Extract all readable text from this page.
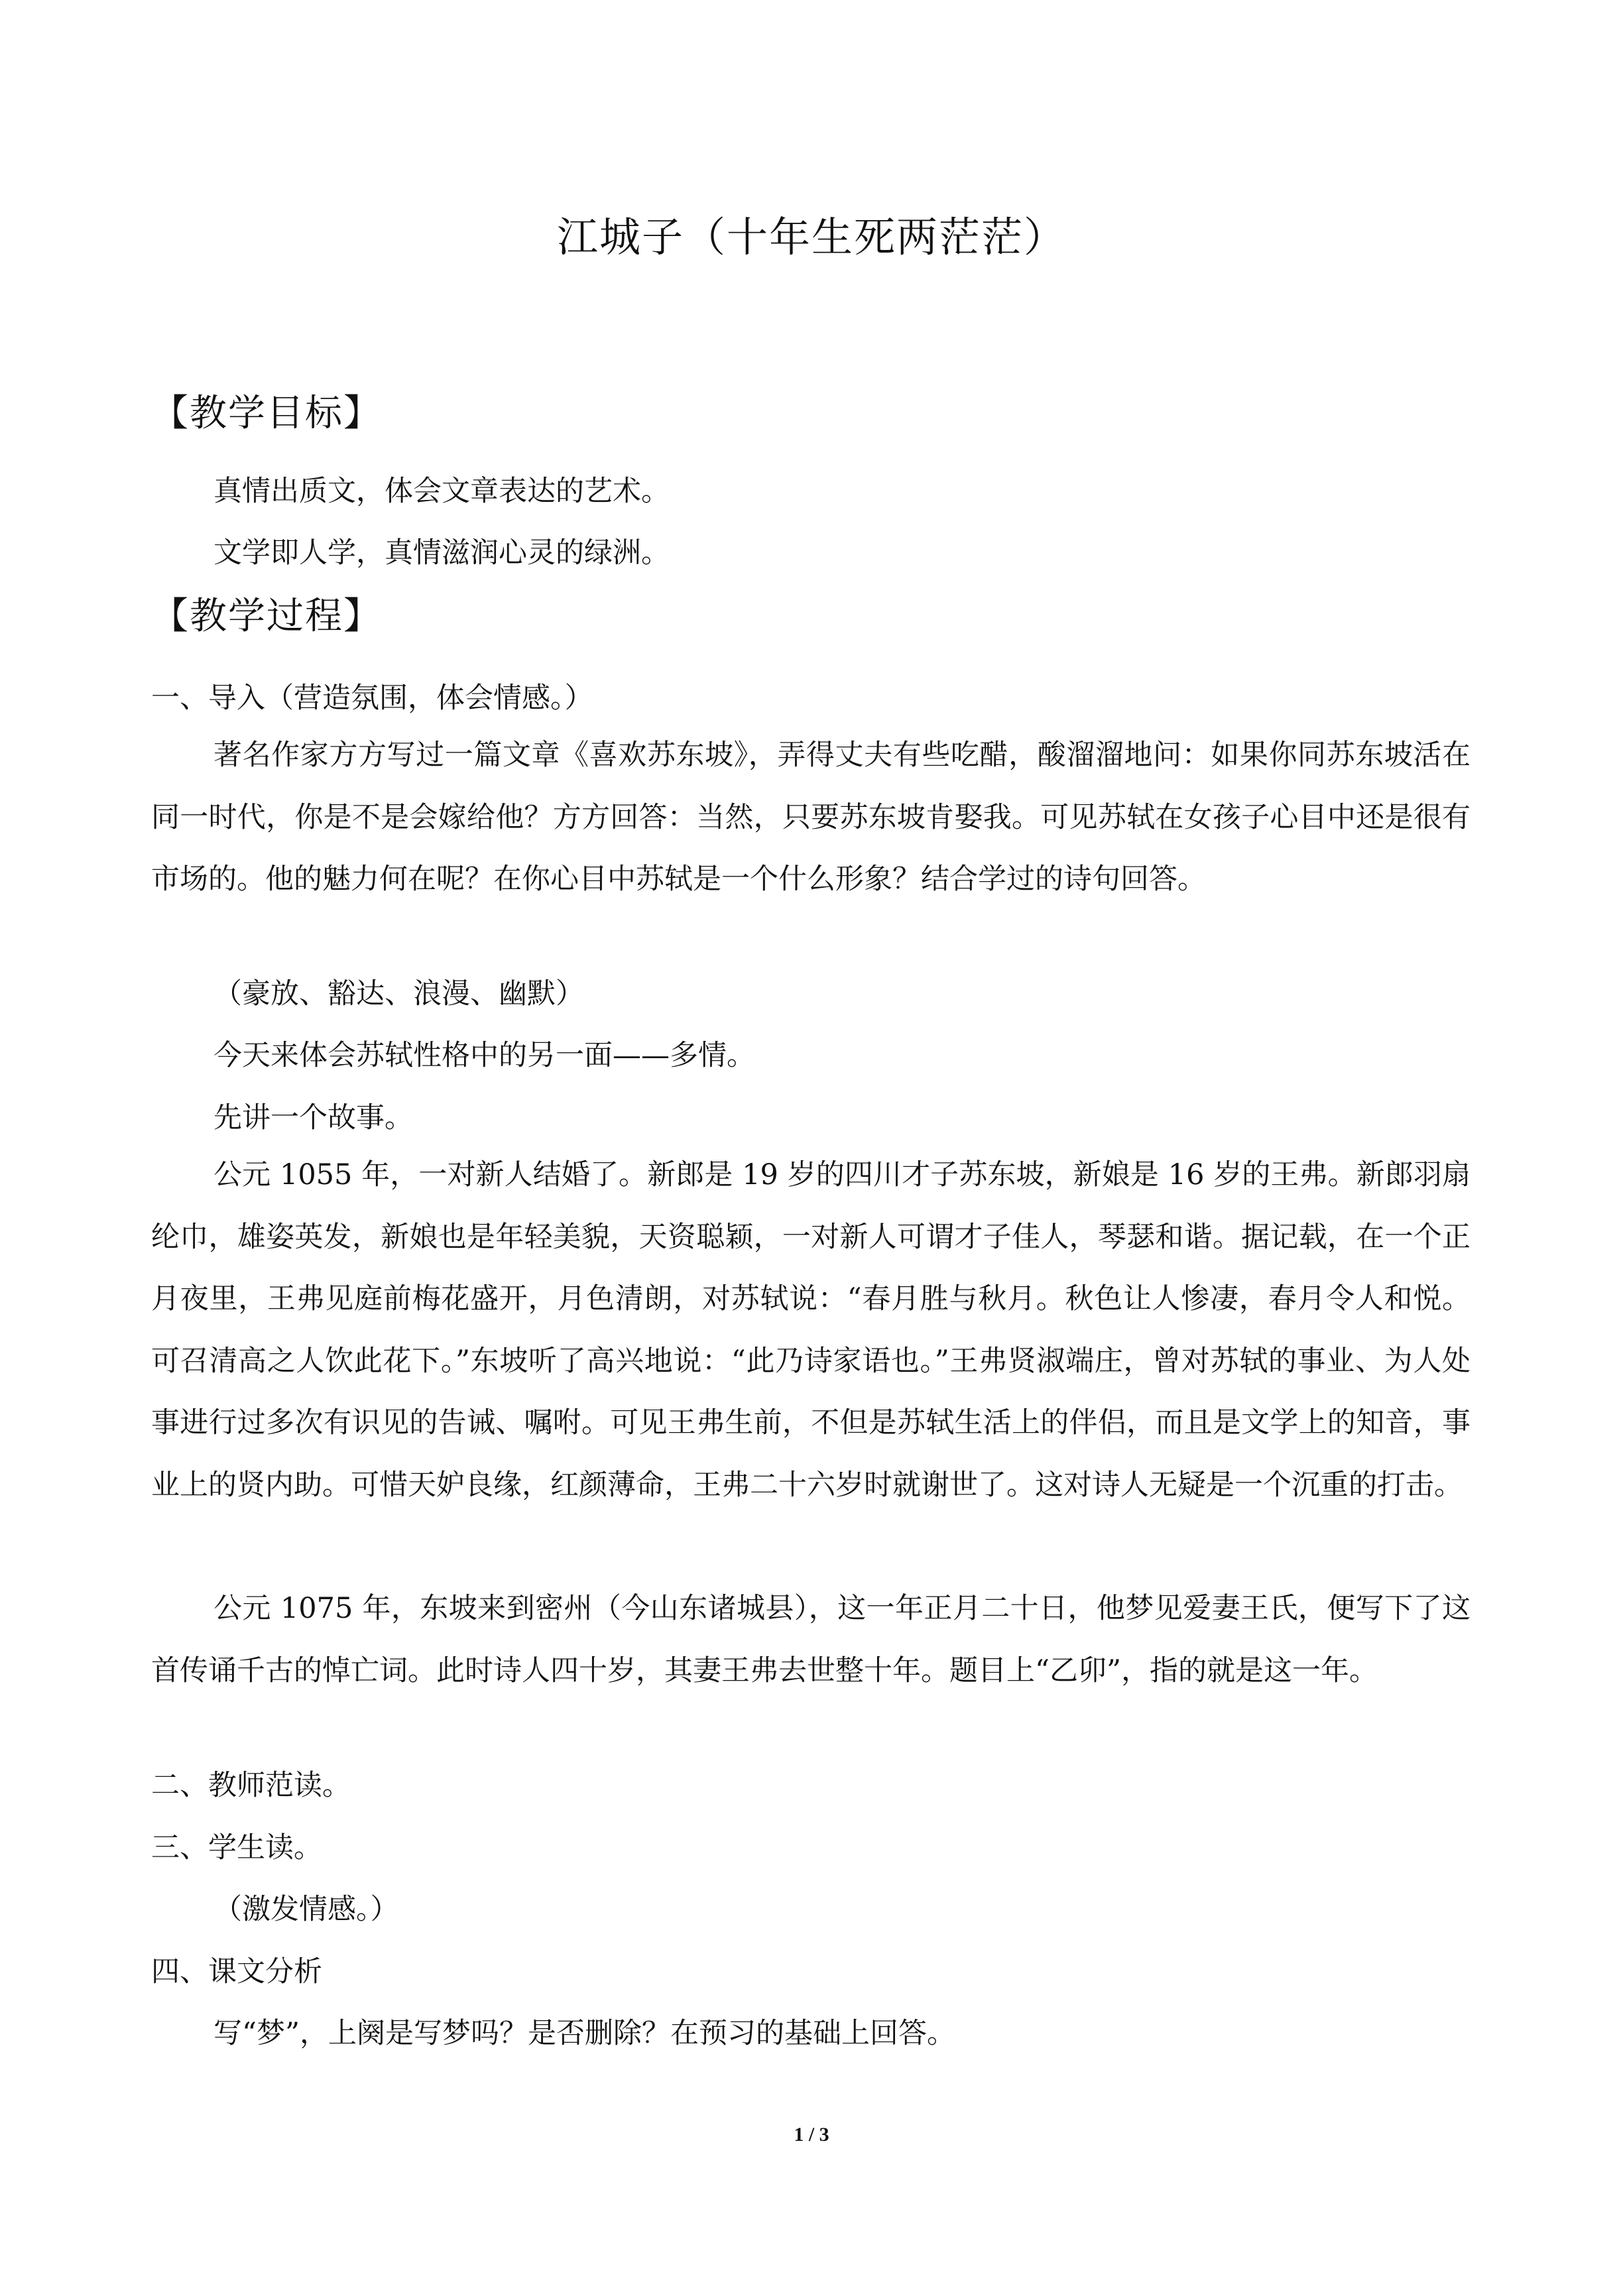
江城子（十年生死两茫茫）
【教学目标】
真情出质文，体会文章表达的艺术。
文学即人学，真情滋润心灵的绿洲。
【教学过程】
一、导入（营造氛围，体会情感。）
著名作家方方写过一篇文章《喜欢苏东坡》，弄得丈夫有些吃醋，酸溜溜地问：如果你同苏东坡活在同一时代，你是不是会嫁给他？方方回答：当然，只要苏东坡肯娶我。可见苏轼在女孩子心目中还是很有市场的。他的魅力何在呢？在你心目中苏轼是一个什么形象？结合学过的诗句回答。
（豪放、豁达、浪漫、幽默）
今天来体会苏轼性格中的另一面——多情。
先讲一个故事。
公元 1055 年，一对新人结婚了。新郎是 19 岁的四川才子苏东坡，新娘是 16 岁的王弗。新郎羽扇纶巾，雄姿英发，新娘也是年轻美貌，天资聪颖，一对新人可谓才子佳人，琴瑟和谐。据记载，在一个正月夜里，王弗见庭前梅花盛开，月色清朗，对苏轼说：“春月胜与秋月。秋色让人惨凄，春月令人和悦。可召清高之人饮此花下。”东坡听了高兴地说：“此乃诗家语也。”王弗贤淑端庄，曾对苏轼的事业、为人处事进行过多次有识见的告诫、嘱咐。可见王弗生前，不但是苏轼生活上的伴侣，而且是文学上的知音，事业上的贤内助。可惜天妒良缘，红颜薄命，王弗二十六岁时就谢世了。这对诗人无疑是一个沉重的打击。
公元 1075 年，东坡来到密州（今山东诸城县），这一年正月二十日，他梦见爱妻王氏，便写下了这首传诵千古的悼亡词。此时诗人四十岁，其妻王弗去世整十年。题目上“乙卯”，指的就是这一年。
二、教师范读。
三、学生读。
（激发情感。）
四、课文分析
写“梦”，上阕是写梦吗？是否删除？在预习的基础上回答。
1 / 3
